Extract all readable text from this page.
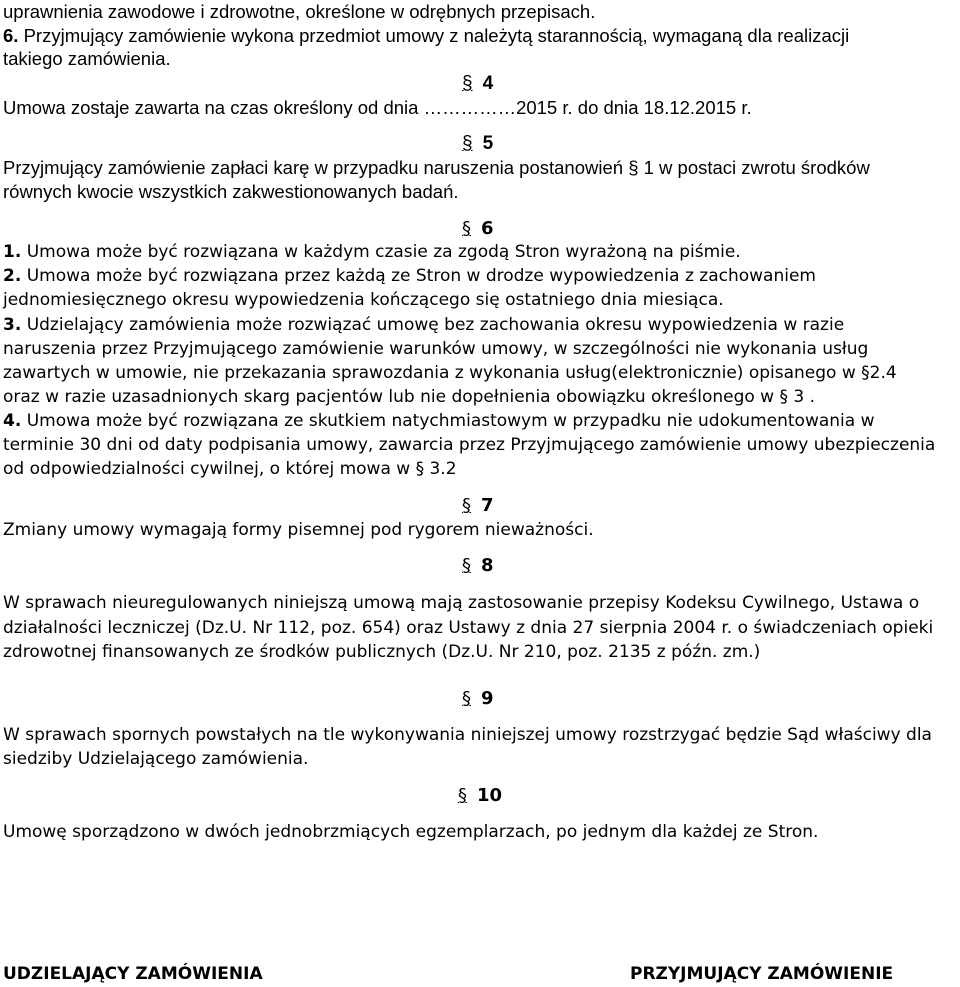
uprawnienia zawodowe i zdrowotne, określone w odrębnych przepisach.

6. Przyjmujący zamówienie wykona przedmiot umowy z należytą starannością, wymaganą dla realizacji

takiego zamówienia.

§ 4

Umowa zostaje zawarta na czas określony od dnia ……………2015 r. do dnia 18.12.2015 r.

§ 5

Przyjmujący zamówienie zapłaci karę w przypadku naruszenia postanowień § 1 w postaci zwrotu środków

równych kwocie wszystkich zakwestionowanych badań.

§ 6

1. Umowa może być rozwiązana w każdym czasie za zgodą Stron wyrażoną na piśmie.

2. Umowa może być rozwiązana przez każdą ze Stron w drodze wypowiedzenia z zachowaniem

jednomiesięcznego okresu wypowiedzenia kończącego się ostatniego dnia miesiąca.

3. Udzielający zamówienia może rozwiązać umowę bez zachowania okresu wypowiedzenia w razie

naruszenia przez Przyjmującego zamówienie warunków umowy, w szczególności nie wykonania usług

zawartych w umowie, nie przekazania sprawozdania z wykonania usług(elektronicznie) opisanego w §2.4

oraz w razie uzasadnionych skarg pacjentów lub nie dopełnienia obowiązku określonego w § 3 .

4. Umowa może być rozwiązana ze skutkiem natychmiastowym w przypadku nie udokumentowania w

terminie 30 dni od daty podpisania umowy, zawarcia przez Przyjmującego zamówienie umowy ubezpieczenia

od odpowiedzialności cywilnej, o której mowa w § 3.2

§ 7

Zmiany umowy wymagają formy pisemnej pod rygorem nieważności.

§ 8

W sprawach nieuregulowanych niniejszą umową mają zastosowanie przepisy Kodeksu Cywilnego, Ustawa o

działalności leczniczej (Dz.U. Nr 112, poz. 654) oraz Ustawy z dnia 27 sierpnia 2004 r. o świadczeniach opieki

zdrowotnej finansowanych ze środków publicznych (Dz.U. Nr 210, poz. 2135 z późn. zm.)

§ 9

W sprawach spornych powstałych na tle wykonywania niniejszej umowy rozstrzygać będzie Sąd właściwy dla

siedziby Udzielającego zamówienia.

§ 10

Umowę sporządzono w dwóch jednobrzmiących egzemplarzach, po jednym dla każdej ze Stron.

UDZIELAJĄCY ZAMÓWIENIA	PRZYJMUJĄCY ZAMÓWIENIE
